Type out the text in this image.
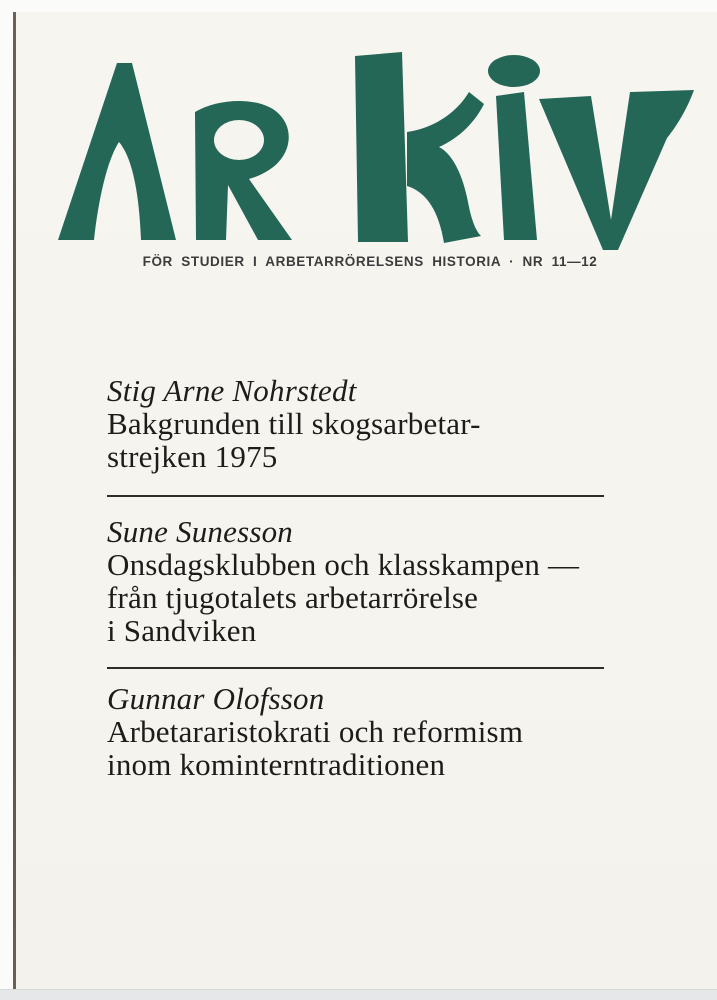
FÖR STUDIER I ARBETARRÖRELSENS HISTORIA · NR 11—12
Stig Arne Nohrstedt
Bakgrunden till skogsarbetar-
strejken 1975
Sune Sunesson
Onsdagsklubben och klasskampen —
från tjugotalets arbetarrörelse
i Sandviken
Gunnar Olofsson
Arbetararistokrati och reformism
inom kominterntraditionen
